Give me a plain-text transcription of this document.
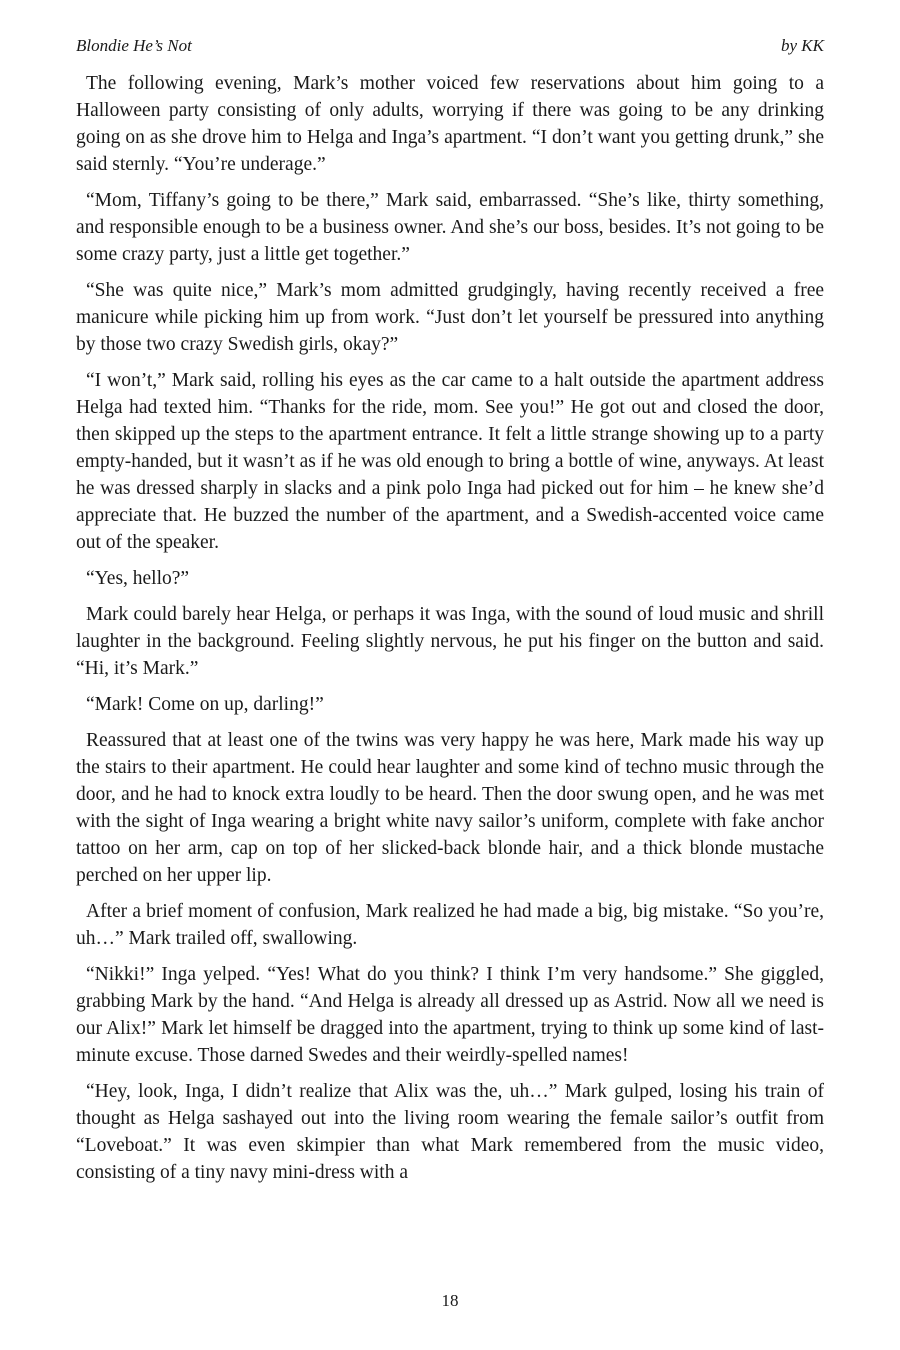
Blondie He’s Not	by KK

The following evening, Mark’s mother voiced few reservations about him going to a Halloween party consisting of only adults, worrying if there was going to be any drinking going on as she drove him to Helga and Inga’s apartment. “I don’t want you getting drunk,” she said sternly. “You’re underage.”

“Mom, Tiffany’s going to be there,” Mark said, embarrassed. “She’s like, thirty something, and responsible enough to be a business owner. And she’s our boss, besides. It’s not going to be some crazy party, just a little get together.”

“She was quite nice,” Mark’s mom admitted grudgingly, having recently received a free manicure while picking him up from work. “Just don’t let yourself be pressured into anything by those two crazy Swedish girls, okay?”

“I won’t,” Mark said, rolling his eyes as the car came to a halt outside the apartment address Helga had texted him. “Thanks for the ride, mom. See you!” He got out and closed the door, then skipped up the steps to the apartment entrance. It felt a little strange showing up to a party empty-handed, but it wasn’t as if he was old enough to bring a bottle of wine, anyways. At least he was dressed sharply in slacks and a pink polo Inga had picked out for him – he knew she’d appreciate that. He buzzed the number of the apartment, and a Swedish-accented voice came out of the speaker.

“Yes, hello?”

Mark could barely hear Helga, or perhaps it was Inga, with the sound of loud music and shrill laughter in the background. Feeling slightly nervous, he put his finger on the button and said. “Hi, it’s Mark.”

“Mark! Come on up, darling!”

Reassured that at least one of the twins was very happy he was here, Mark made his way up the stairs to their apartment. He could hear laughter and some kind of techno music through the door, and he had to knock extra loudly to be heard. Then the door swung open, and he was met with the sight of Inga wearing a bright white navy sailor’s uniform, complete with fake anchor tattoo on her arm, cap on top of her slicked-back blonde hair, and a thick blonde mustache perched on her upper lip.

After a brief moment of confusion, Mark realized he had made a big, big mistake. “So you’re, uh…” Mark trailed off, swallowing.

“Nikki!” Inga yelped. “Yes! What do you think? I think I’m very handsome.” She giggled, grabbing Mark by the hand. “And Helga is already all dressed up as Astrid. Now all we need is our Alix!” Mark let himself be dragged into the apartment, trying to think up some kind of last-minute excuse. Those darned Swedes and their weirdly-spelled names!

“Hey, look, Inga, I didn’t realize that Alix was the, uh…” Mark gulped, losing his train of thought as Helga sashayed out into the living room wearing the female sailor’s outfit from “Loveboat.” It was even skimpier than what Mark remembered from the music video, consisting of a tiny navy mini-dress with a

18
